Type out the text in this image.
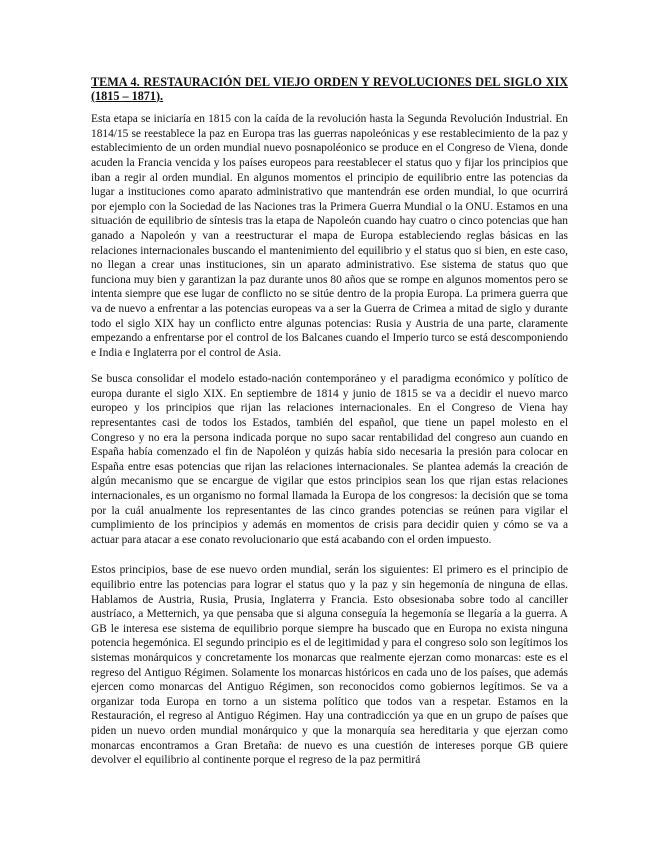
TEMA 4. RESTAURACIÓN DEL VIEJO ORDEN Y REVOLUCIONES DEL SIGLO XIX (1815 – 1871).

Esta etapa se iniciaría en 1815 con la caída de la revolución hasta la Segunda Revolución Industrial. En 1814/15 se reestablece la paz en Europa tras las guerras napoleónicas y ese restablecimiento de la paz y establecimiento de un orden mundial nuevo posnapoléonico se produce en el Congreso de Viena, donde acuden la Francia vencida y los países europeos para reestablecer el status quo y fijar los principios que iban a regir al orden mundial. En algunos momentos el principio de equilibrio entre las potencias da lugar a instituciones como aparato administrativo que mantendrán ese orden mundial, lo que ocurrirá por ejemplo con la Sociedad de las Naciones tras la Primera Guerra Mundial o la ONU. Estamos en una situación de equilibrio de síntesis tras la etapa de Napoleón cuando hay cuatro o cinco potencias que han ganado a Napoleón y van a reestructurar el mapa de Europa estableciendo reglas básicas en las relaciones internacionales buscando el mantenimiento del equilibrio y el status quo si bien, en este caso, no llegan a crear unas instituciones, sin un aparato administrativo. Ese sistema de status quo que funciona muy bien y garantizan la paz durante unos 80 años que se rompe en algunos momentos pero se intenta siempre que ese lugar de conflicto no se sitúe dentro de la propia Europa. La primera guerra que va de nuevo a enfrentar a las potencias europeas va a ser la Guerra de Crimea a mitad de siglo y durante todo el siglo XIX hay un conflicto entre algunas potencias: Rusia y Austria de una parte, claramente empezando a enfrentarse por el control de los Balcanes cuando el Imperio turco se está descomponiendo e India e Inglaterra por el control de Asia.

Se busca consolidar el modelo estado-nación contemporáneo y el paradigma económico y político de europa durante el siglo XIX. En septiembre de 1814 y junio de 1815 se va a decidir el nuevo marco europeo y los principios que rijan las relaciones internacionales. En el Congreso de Viena hay representantes casi de todos los Estados, también del español, que tiene un papel molesto en el Congreso y no era la persona indicada porque no supo sacar rentabilidad del congreso aun cuando en España había comenzado el fin de Napoléon y quizás había sido necesaria la presión para colocar en España entre esas potencias que rijan las relaciones internacionales. Se plantea además la creación de algún mecanismo que se encargue de vigilar que estos principios sean los que rijan estas relaciones internacionales, es un organismo no formal llamada la Europa de los congresos: la decisión que se toma por la cuál anualmente los representantes de las cinco grandes potencias se reúnen para vigilar el cumplimiento de los principios y además en momentos de crisis para decidir quien y cómo se va a actuar para atacar a ese conato revolucionario que está acabando con el orden impuesto.

Estos principios, base de ese nuevo orden mundial, serán los siguientes: El primero es el principio de equilibrio entre las potencias para lograr el status quo y la paz y sin hegemonía de ninguna de ellas. Hablamos de Austria, Rusia, Prusia, Inglaterra y Francia. Esto obsesionaba sobre todo al canciller austríaco, a Metternich, ya que pensaba que si alguna conseguía la hegemonía se llegaría a la guerra. A GB le interesa ese sistema de equilibrio porque siempre ha buscado que en Europa no exista ninguna potencia hegemónica. El segundo principio es el de legitimidad y para el congreso solo son legítimos los sistemas monárquicos y concretamente los monarcas que realmente ejerzan como monarcas: este es el regreso del Antiguo Régimen. Solamente los monarcas históricos en cada uno de los países, que además ejercen como monarcas del Antiguo Régimen, son reconocidos como gobiernos legítimos. Se va a organizar toda Europa en torno a un sistema político que todos van a respetar. Estamos en la Restauración, el regreso al Antiguo Régimen. Hay una contradicción ya que en un grupo de países que piden un nuevo orden mundial monárquico y que la monarquía sea hereditaria y que ejerzan como monarcas encontramos a Gran Bretaña: de nuevo es una cuestión de intereses porque GB quiere devolver el equilibrio al continente porque el regreso de la paz permitirá
